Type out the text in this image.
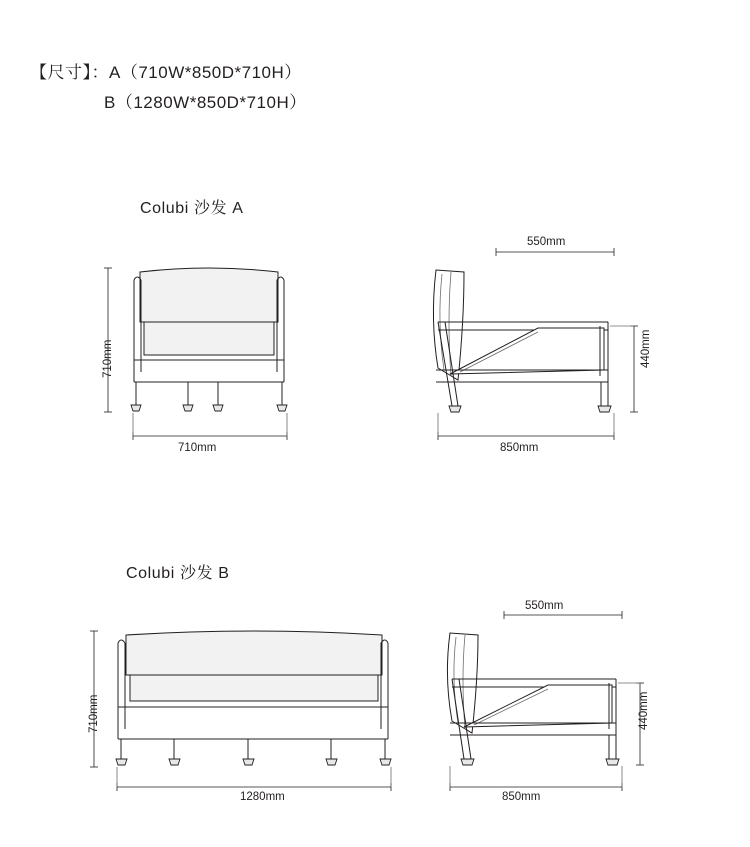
【尺寸】：A（710W*850D*710H）
B（1280W*850D*710H）
Colubi 沙发 A
710mm
710mm
550mm
440mm
850mm
Colubi 沙发 B
710mm
1280mm
550mm
440mm
850mm
